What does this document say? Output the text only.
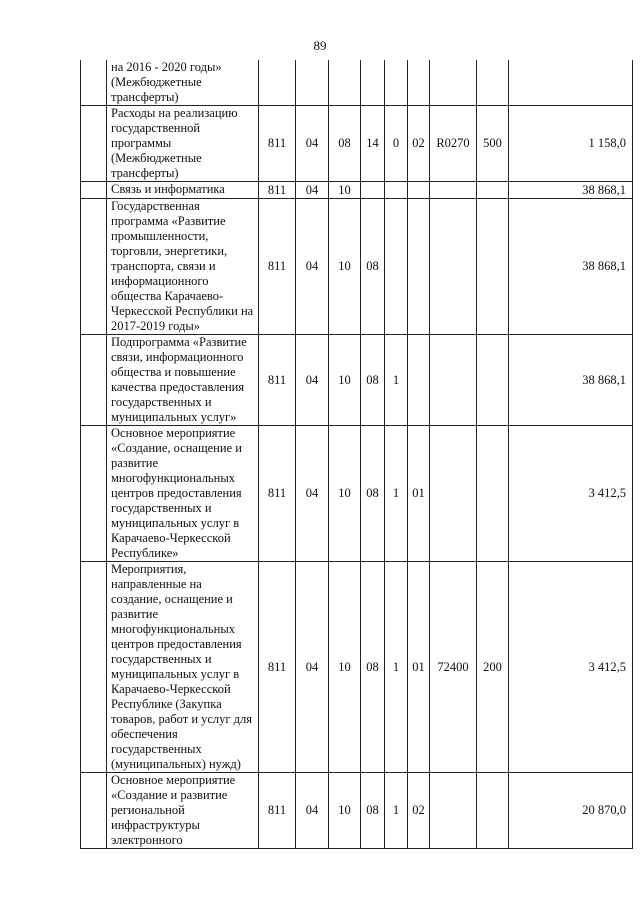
89
	на 2016 - 2020 годы» (Межбюджетные трансферты)									
	Расходы на реализацию государственной программы (Межбюджетные трансферты)	811	04	08	14	0	02	R0270	500	1 158,0
	Связь и информатика	811	04	10						38 868,1
	Государственная программа «Развитие промышленности, торговли, энергетики, транспорта, связи и информационного общества Карачаево-Черкесской Республики на 2017-2019 годы»	811	04	10	08					38 868,1
	Подпрограмма «Развитие связи, информационного общества и повышение качества предоставления государственных и муниципальных услуг»	811	04	10	08	1				38 868,1
	Основное мероприятие «Создание, оснащение и развитие многофункциональных центров предоставления государственных и муниципальных услуг в Карачаево-Черкесской Республике»	811	04	10	08	1	01			3 412,5
	Мероприятия, направленные на создание, оснащение и развитие многофункциональных центров предоставления государственных и муниципальных услуг в Карачаево-Черкесской Республике (Закупка товаров, работ и услуг для обеспечения государственных (муниципальных) нужд)	811	04	10	08	1	01	72400	200	3 412,5
	Основное мероприятие «Создание и развитие региональной инфраструктуры электронного	811	04	10	08	1	02			20 870,0
